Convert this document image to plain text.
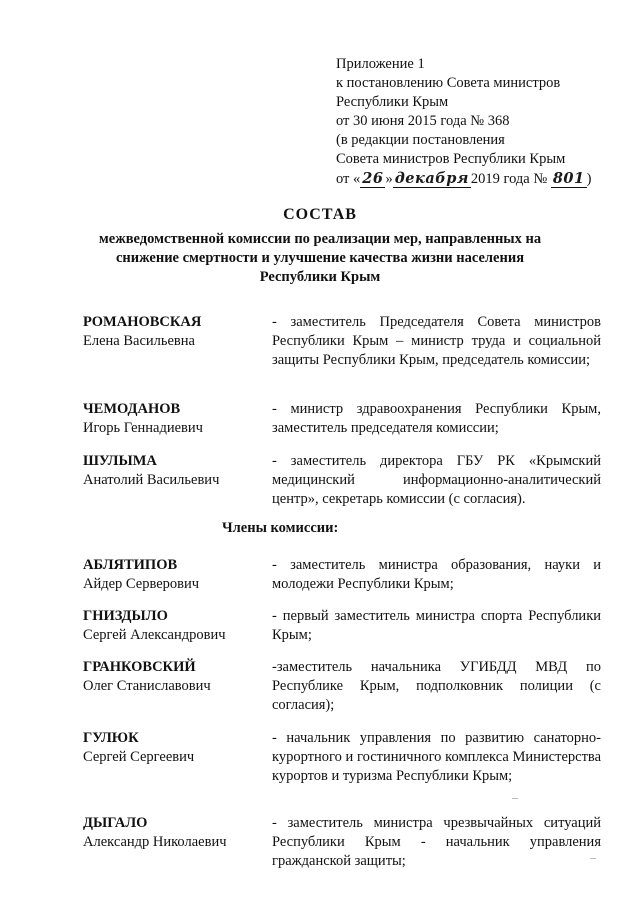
Приложение 1
к постановлению Совета министров
Республики Крым
от 30 июня 2015 года № 368
(в редакции постановления
Совета министров Республики Крым
от « 26 » декабря 2019 года № 801 )
СОСТАВ
межведомственной комиссии по реализации мер, направленных на
снижение смертности и улучшение качества жизни населения
Республики Крым
РОМАНОВСКАЯ
Елена Васильевна
- заместитель Председателя Совета министров Республики Крым – министр труда и социальной защиты Республики Крым, председатель комиссии;
ЧЕМОДАНОВ
Игорь Геннадиевич
- министр здравоохранения Республики Крым, заместитель председателя комиссии;
ШУЛЫМА
Анатолий Васильевич
- заместитель директора ГБУ РК «Крымский медицинский информационно-аналитический центр», секретарь комиссии (с согласия).
Члены комиссии:
АБЛЯТИПОВ
Айдер Серверович
- заместитель министра образования, науки и молодежи Республики Крым;
ГНИЗДЫЛО
Сергей Александрович
- первый заместитель министра спорта Республики Крым;
ГРАНКОВСКИЙ
Олег Станиславович
-заместитель начальника УГИБДД МВД по Республике Крым, подполковник полиции (с согласия);
ГУЛЮК
Сергей Сергеевич
- начальник управления по развитию санаторно-курортного и гостиничного комплекса Министерства курортов и туризма Республики Крым;
ДЫГАЛО
Александр Николаевич
- заместитель министра чрезвычайных ситуаций Республики Крым - начальник управления гражданской защиты;
